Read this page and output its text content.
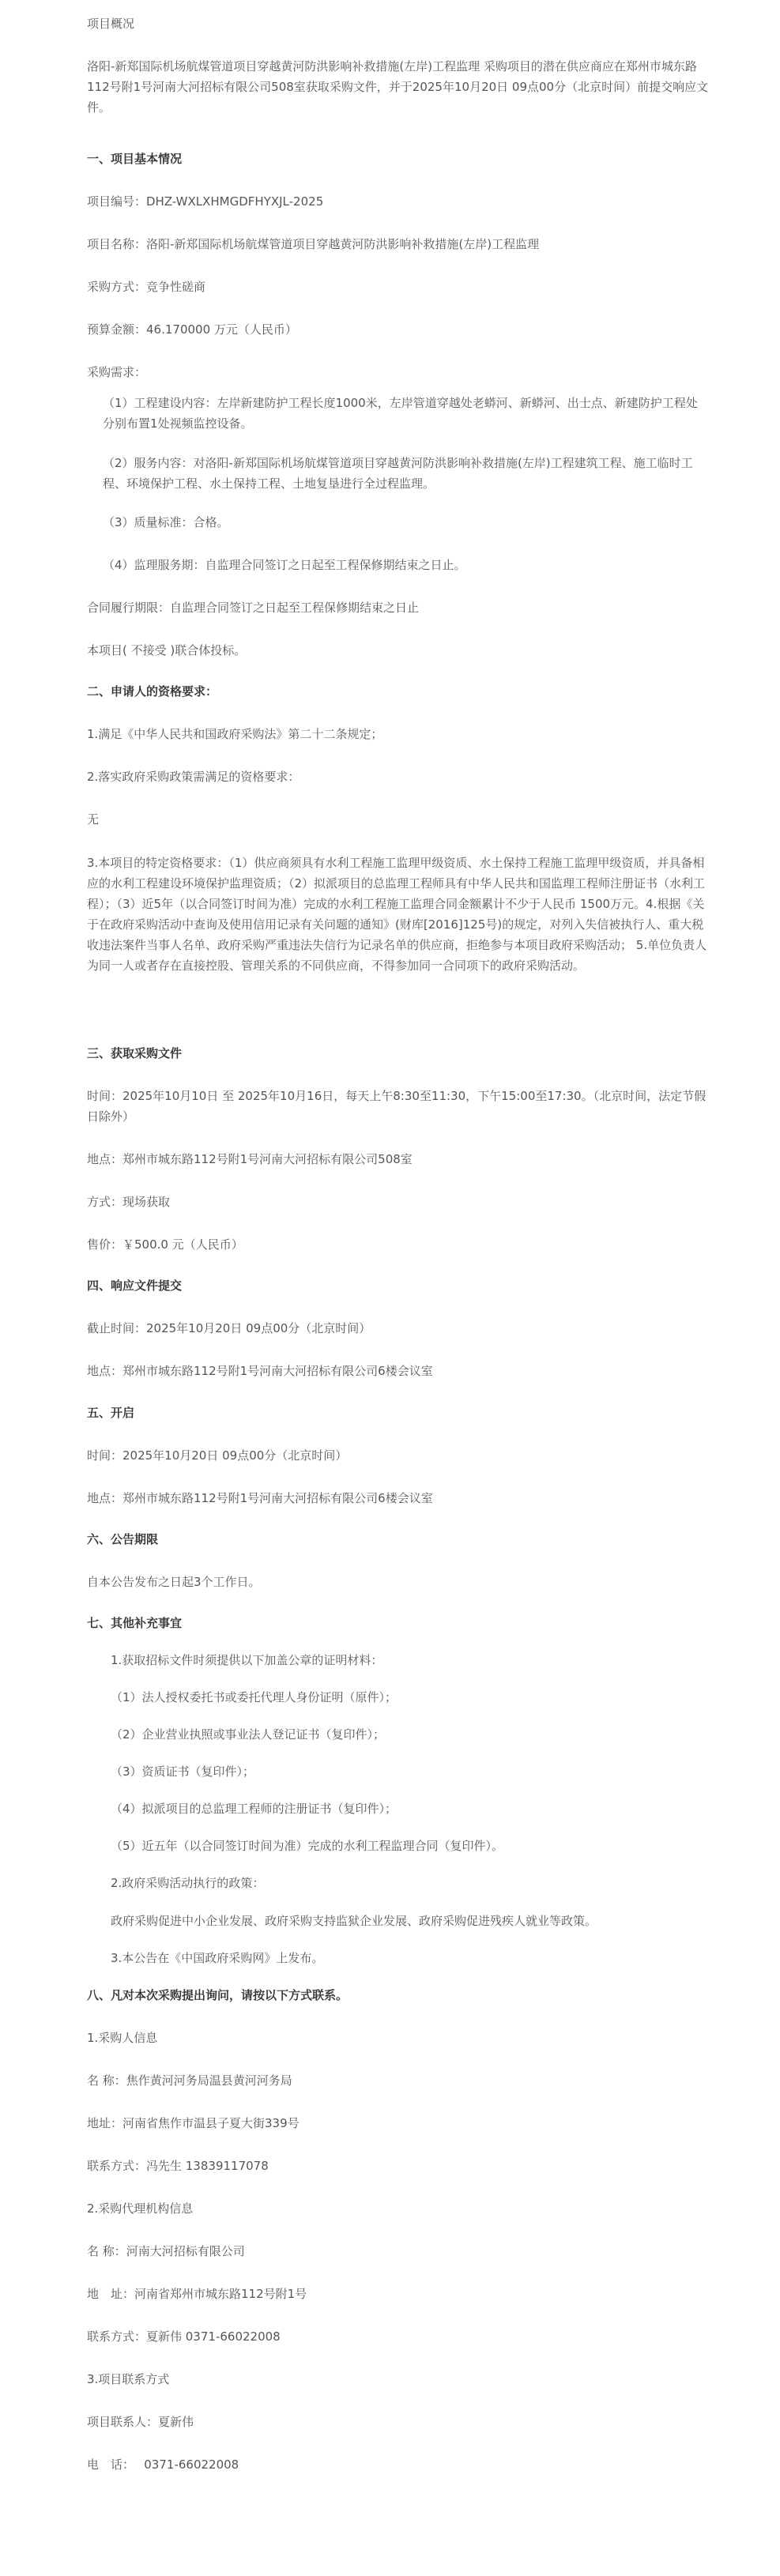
项目概况
洛阳-新郑国际机场航煤管道项目穿越黄河防洪影响补救措施(左岸)工程监理 采购项目的潜在供应商应在郑州市城东路112号附1号河南大河招标有限公司508室获取采购文件，并于2025年10月20日 09点00分（北京时间）前提交响应文件。
一、项目基本情况
项目编号：DHZ-WXLXHMGDFHYXJL-2025
项目名称：洛阳-新郑国际机场航煤管道项目穿越黄河防洪影响补救措施(左岸)工程监理
采购方式：竞争性磋商
预算金额：46.170000 万元（人民币）
采购需求：
（1）工程建设内容：左岸新建防护工程长度1000米，左岸管道穿越处老蟒河、新蟒河、出士点、新建防护工程处分别布置1处视频监控设备。
（2）服务内容：对洛阳-新郑国际机场航煤管道项目穿越黄河防洪影响补救措施(左岸)工程建筑工程、施工临时工程、环境保护工程、水土保持工程、土地复垦进行全过程监理。
（3）质量标准：合格。
（4）监理服务期：自监理合同签订之日起至工程保修期结束之日止。
合同履行期限：自监理合同签订之日起至工程保修期结束之日止
本项目( 不接受 )联合体投标。
二、申请人的资格要求：
1.满足《中华人民共和国政府采购法》第二十二条规定；
2.落实政府采购政策需满足的资格要求：
无
3.本项目的特定资格要求：（1）供应商须具有水利工程施工监理甲级资质、水土保持工程施工监理甲级资质，并具备相应的水利工程建设环境保护监理资质；（2）拟派项目的总监理工程师具有中华人民共和国监理工程师注册证书（水利工程）；（3）近5年（以合同签订时间为准）完成的水利工程施工监理合同金额累计不少于人民币 1500万元。4.根据《关于在政府采购活动中查询及使用信用记录有关问题的通知》(财库[2016]125号)的规定，对列入失信被执行人、重大税收违法案件当事人名单、政府采购严重违法失信行为记录名单的供应商，拒绝参与本项目政府采购活动； 5.单位负责人为同一人或者存在直接控股、管理关系的不同供应商，不得参加同一合同项下的政府采购活动。
三、获取采购文件
时间：2025年10月10日 至 2025年10月16日，每天上午8:30至11:30，下午15:00至17:30。（北京时间，法定节假日除外）
地点：郑州市城东路112号附1号河南大河招标有限公司508室
方式：现场获取
售价：￥500.0 元（人民币）
四、响应文件提交
截止时间：2025年10月20日 09点00分（北京时间）
地点：郑州市城东路112号附1号河南大河招标有限公司6楼会议室
五、开启
时间：2025年10月20日 09点00分（北京时间）
地点：郑州市城东路112号附1号河南大河招标有限公司6楼会议室
六、公告期限
自本公告发布之日起3个工作日。
七、其他补充事宜
1.获取招标文件时须提供以下加盖公章的证明材料：
（1）法人授权委托书或委托代理人身份证明（原件）；
（2）企业营业执照或事业法人登记证书（复印件）；
（3）资质证书（复印件）；
（4）拟派项目的总监理工程师的注册证书（复印件）；
（5）近五年（以合同签订时间为准）完成的水利工程监理合同（复印件）。
2.政府采购活动执行的政策：
政府采购促进中小企业发展、政府采购支持监狱企业发展、政府采购促进残疾人就业等政策。
3.本公告在《中国政府采购网》上发布。
八、凡对本次采购提出询问，请按以下方式联系。
1.采购人信息
名 称：焦作黄河河务局温县黄河河务局
地址：河南省焦作市温县子夏大街339号
联系方式：冯先生 13839117078
2.采购代理机构信息
名 称：河南大河招标有限公司
地　址：河南省郑州市城东路112号附1号
联系方式：夏新伟 0371-66022008
3.项目联系方式
项目联系人：夏新伟
电　话：　 0371-66022008
